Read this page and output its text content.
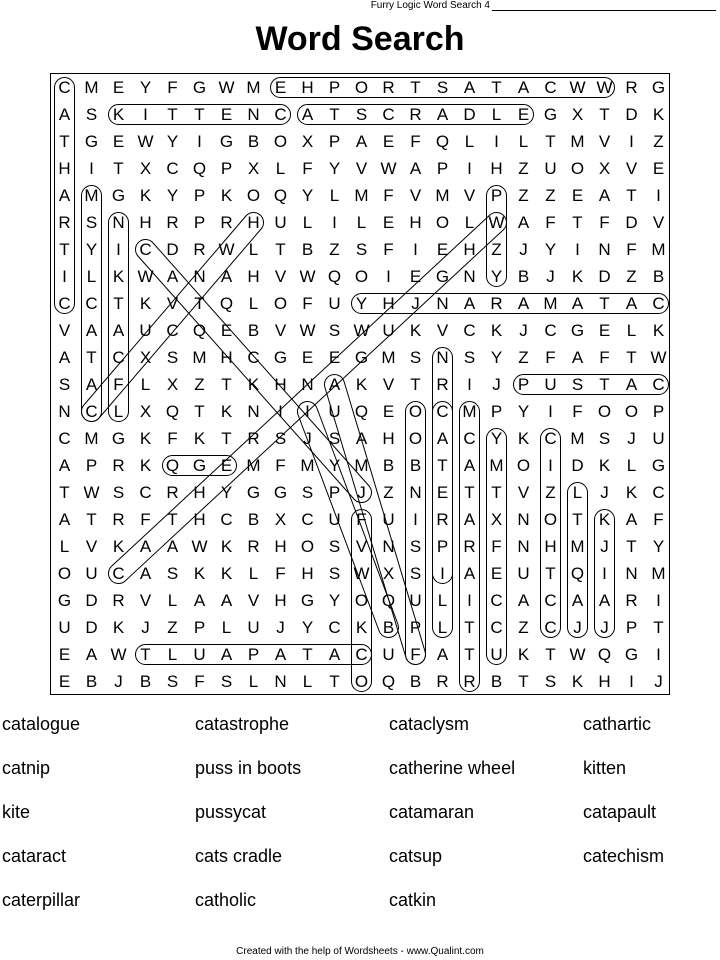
Furry Logic Word Search 4
Word Search
C M E Y F G W M E H P O R T S A T A C W W R G
A S K	I	T T E N C A T S C R A D L E G X T D K
T G E W Y	I	G B O X P A E F Q L	I	L	T M V	I	Z
H	I	T X C Q P X L	F Y V W A P	I	H Z U O X V E
A M G K Y P K O Q Y L M F V M V P Z Z E A T	I
R S N H R P R H U L	I	L E H O L W A F T F D V
T Y	I	C D R W L	T B Z S F	I	E H Z	J	Y	I	N F M
I	L K W A N A H V W Q O	I	E G N Y B	J	K D Z B
C C T K V T Q L O F U Y H J N A R A M A T A C
V A A U C Q E B V W S W U K V C K	J C G E L K
A T C X S M H C G E E G M S N S Y Z F A F T W
S A F	L X Z T K H N A K V T R	I	J	P U S T A C
N C L X Q T K N	I	I	U Q E O C M P Y	I	F O O P
C M G K F K T R S	J	S A H O A C Y K C M S	J U
A P R K Q G E M F M Y M B B T A M O	I	D K L G
T W S C R H Y G G S P	J	Z N E T T V Z	L	J	K C
A T R F T H C B X C U F U	I	R A X N O T K A F
L V K A A W K R H O S V N S P R F N H M J	T Y
O U C A S K K L	F H S W X S	I	A E U T Q	I	N M
G D R V L A A V H G Y O Q U L	I	C A C A A R	I
U D K	J	Z P L U J	Y C K B P L	T C Z C J	J	P T
E A W T	L U A P A T A C U F A T U K T W Q G	I
E B	J	B S F S L N L	T O Q B R R B T S K H	I	J
Created with the help of Wordsheets - www.Qualint.com
catalogue	catastrophe	cataclysm	cathartic
catnip	puss in boots	catherine wheel	kitten
kite	pussycat	catamaran	catapault
cataract	cats cradle	catsup	catechism
caterpillar	catholic	catkin
